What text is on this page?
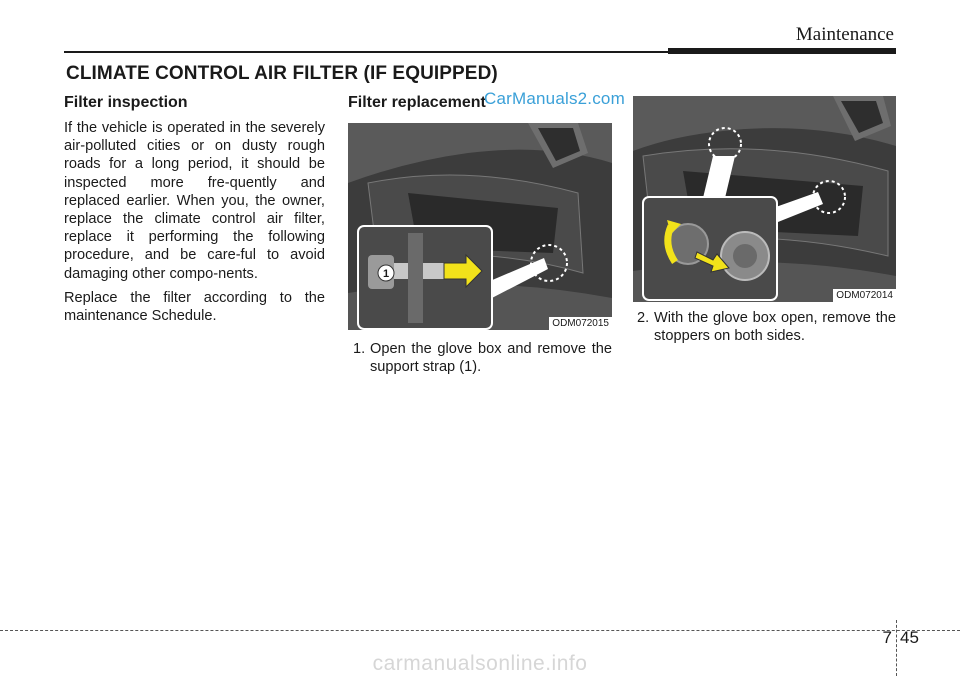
Maintenance
CLIMATE CONTROL AIR FILTER (IF EQUIPPED)
Filter inspection

If the vehicle is operated in the severely air-polluted cities or on dusty rough roads for a long period, it should be inspected more fre-quently and replaced earlier. When you, the owner, replace the climate control air filter, replace it performing the following procedure, and be care-ful to avoid damaging other compo-nents.

Replace the filter according to the maintenance Schedule.

Filter replacement
1
ODM072015
1. Open the glove box and remove the support strap (1).
ODM072014
2. With the glove box open, remove the stoppers on both sides.
CarManuals2.com
7 45
carmanualsonline.info
